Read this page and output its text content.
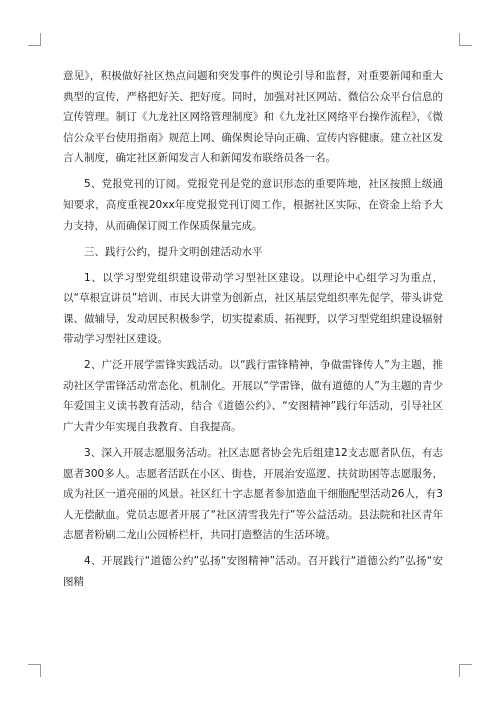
意见》，积极做好社区热点问题和突发事件的舆论引导和监督，对重要新闻和重大典型的宣传，严格把好关、把好度。同时，加强对社区网站、微信公众平台信息的宣传管理。制订《九龙社区网络管理制度》和《九龙社区网络平台操作流程》，《微信公众平台使用指南》规范上网、确保舆论导向正确、宣传内容健康。建立社区发言人制度，确定社区新闻发言人和新闻发布联络员各一名。

5、党报党刊的订阅。党报党刊是党的意识形态的重要阵地，社区按照上级通知要求，高度重视20xx年度党报党刊订阅工作，根据社区实际，在资金上给予大力支持，从而确保订阅工作保质保量完成。

三、践行公约，提升文明创建活动水平

1、以学习型党组织建设带动学习型社区建设。以理论中心组学习为重点，以“草根宣讲员”培训、市民大讲堂为创新点，社区基层党组织率先促学，带头讲党课、做辅导，发动居民积极参学，切实提素质、拓视野，以学习型党组织建设辐射带动学习型社区建设。

2、广泛开展学雷锋实践活动。以“践行雷锋精神，争做雷锋传人”为主题，推动社区学雷锋活动常态化、机制化。开展以“学雷锋，做有道德的人”为主题的青少年爱国主义读书教育活动，结合《道德公约》、“安图精神”践行年活动，引导社区广大青少年实现自我教育、自我提高。

3、深入开展志愿服务活动。社区志愿者协会先后组建12支志愿者队伍，有志愿者300多人。志愿者活跃在小区、街巷，开展治安巡逻、扶贫助困等志愿服务，成为社区一道亮丽的风景。社区红十字志愿者参加造血干细胞配型活动26人，有3人无偿献血。党员志愿者开展了“社区清雪我先行”等公益活动。县法院和社区青年志愿者粉刷二龙山公园桥栏杆，共同打造整洁的生活环境。

4、开展践行“道德公约”弘扬“安图精神”活动。召开践行“道德公约”弘扬“安图精
